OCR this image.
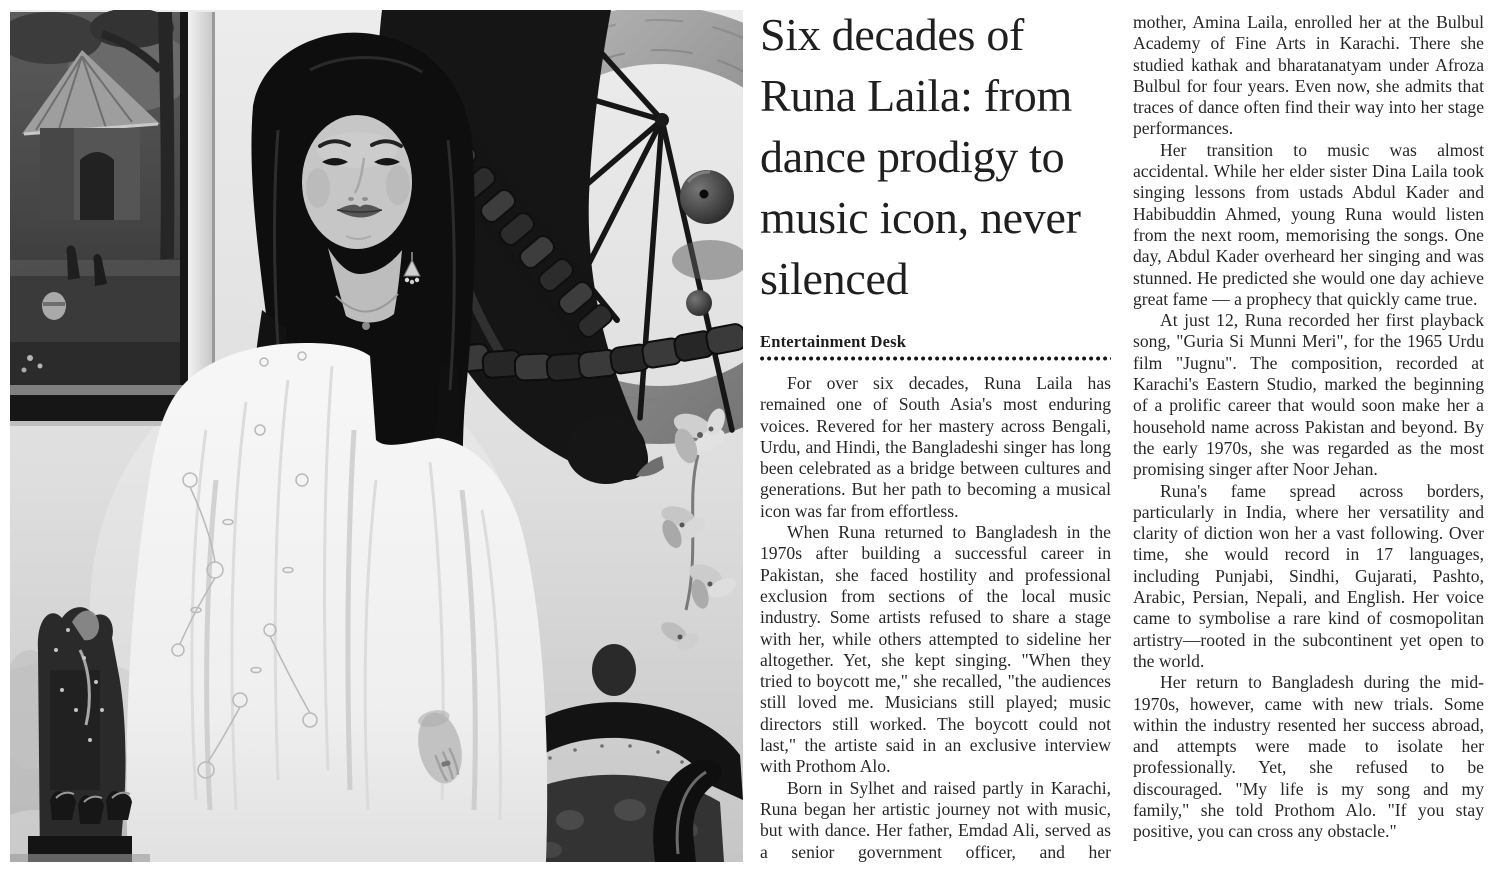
Six decades of Runa Laila: from dance prodigy to music icon, never silenced
Entertainment Desk

For over six decades, Runa Laila has remained one of South Asia's most enduring voices. Revered for her mastery across Bengali, Urdu, and Hindi, the Bangladeshi singer has long been celebrated as a bridge between cultures and generations. But her path to becoming a musical icon was far from effortless.

When Runa returned to Bangladesh in the 1970s after building a successful career in Pakistan, she faced hostility and professional exclusion from sections of the local music industry. Some artists refused to share a stage with her, while others attempted to sideline her altogether. Yet, she kept singing. "When they tried to boycott me," she recalled, "the audiences still loved me. Musicians still played; music directors still worked. The boycott could not last," the artiste said in an exclusive interview with Prothom Alo.

Born in Sylhet and raised partly in Karachi, Runa began her artistic journey not with music, but with dance. Her father, Emdad Ali, served as a senior government officer, and her

mother, Amina Laila, enrolled her at the Bulbul Academy of Fine Arts in Karachi. There she studied kathak and bharatanatyam under Afroza Bulbul for four years. Even now, she admits that traces of dance often find their way into her stage performances.

Her transition to music was almost accidental. While her elder sister Dina Laila took singing lessons from ustads Abdul Kader and Habibuddin Ahmed, young Runa would listen from the next room, memorising the songs. One day, Abdul Kader overheard her singing and was stunned. He predicted she would one day achieve great fame — a prophecy that quickly came true.

At just 12, Runa recorded her first playback song, "Guria Si Munni Meri", for the 1965 Urdu film "Jugnu". The composition, recorded at Karachi's Eastern Studio, marked the beginning of a prolific career that would soon make her a household name across Pakistan and beyond. By the early 1970s, she was regarded as the most promising singer after Noor Jehan.

Runa's fame spread across borders, particularly in India, where her versatility and clarity of diction won her a vast following. Over time, she would record in 17 languages, including Punjabi, Sindhi, Gujarati, Pashto, Arabic, Persian, Nepali, and English. Her voice came to symbolise a rare kind of cosmopolitan artistry—rooted in the subcontinent yet open to the world.

Her return to Bangladesh during the mid-1970s, however, came with new trials. Some within the industry resented her success abroad, and attempts were made to isolate her professionally. Yet, she refused to be discouraged. "My life is my song and my family," she told Prothom Alo. "If you stay positive, you can cross any obstacle."
